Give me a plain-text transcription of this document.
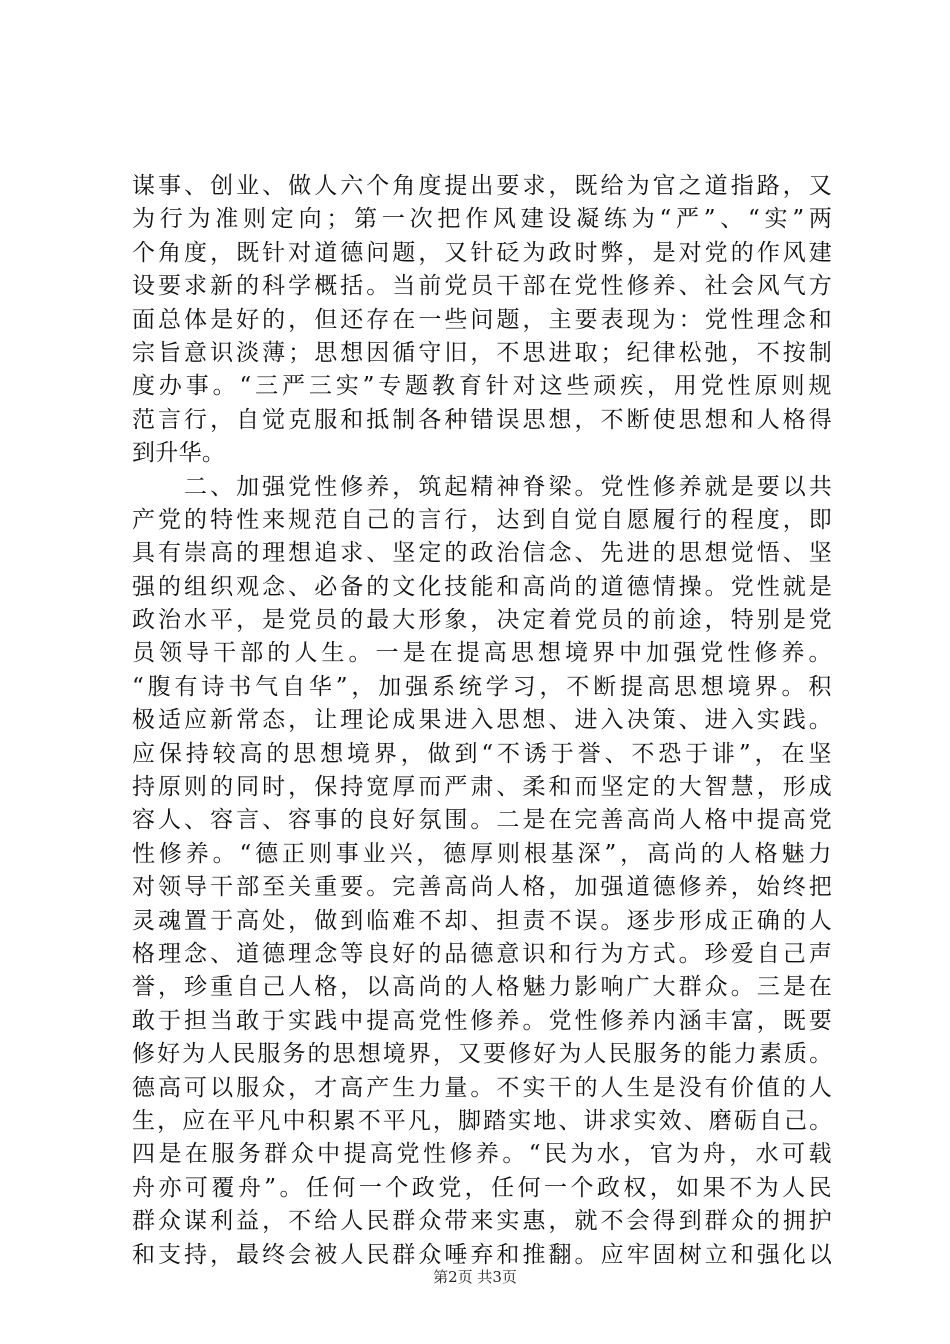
谋事、创业、做人六个角度提出要求，既给为官之道指路，又
为行为准则定向；第一次把作风建设凝练为“严”、“实”两
个角度，既针对道德问题，又针砭为政时弊，是对党的作风建
设要求新的科学概括。当前党员干部在党性修养、社会风气方
面总体是好的，但还存在一些问题，主要表现为：党性理念和
宗旨意识淡薄；思想因循守旧，不思进取；纪律松弛，不按制
度办事。“三严三实”专题教育针对这些顽疾，用党性原则规
范言行，自觉克服和抵制各种错误思想，不断使思想和人格得
到升华。
　　二、加强党性修养，筑起精神脊梁。党性修养就是要以共
产党的特性来规范自己的言行，达到自觉自愿履行的程度，即
具有崇高的理想追求、坚定的政治信念、先进的思想觉悟、坚
强的组织观念、必备的文化技能和高尚的道德情操。党性就是
政治水平，是党员的最大形象，决定着党员的前途，特别是党
员领导干部的人生。一是在提高思想境界中加强党性修养。
“腹有诗书气自华”，加强系统学习，不断提高思想境界。积
极适应新常态，让理论成果进入思想、进入决策、进入实践。
应保持较高的思想境界，做到“不诱于誉、不恐于诽”，在坚
持原则的同时，保持宽厚而严肃、柔和而坚定的大智慧，形成
容人、容言、容事的良好氛围。二是在完善高尚人格中提高党
性修养。“德正则事业兴，德厚则根基深”，高尚的人格魅力
对领导干部至关重要。完善高尚人格，加强道德修养，始终把
灵魂置于高处，做到临难不却、担责不误。逐步形成正确的人
格理念、道德理念等良好的品德意识和行为方式。珍爱自己声
誉，珍重自己人格，以高尚的人格魅力影响广大群众。三是在
敢于担当敢于实践中提高党性修养。党性修养内涵丰富，既要
修好为人民服务的思想境界，又要修好为人民服务的能力素质。
德高可以服众，才高产生力量。不实干的人生是没有价值的人
生，应在平凡中积累不平凡，脚踏实地、讲求实效、磨砺自己。
四是在服务群众中提高党性修养。“民为水，官为舟，水可载
舟亦可覆舟”。任何一个政党，任何一个政权，如果不为人民
群众谋利益，不给人民群众带来实惠，就不会得到群众的拥护
和支持，最终会被人民群众唾弃和推翻。应牢固树立和强化以
第2页 共3页
